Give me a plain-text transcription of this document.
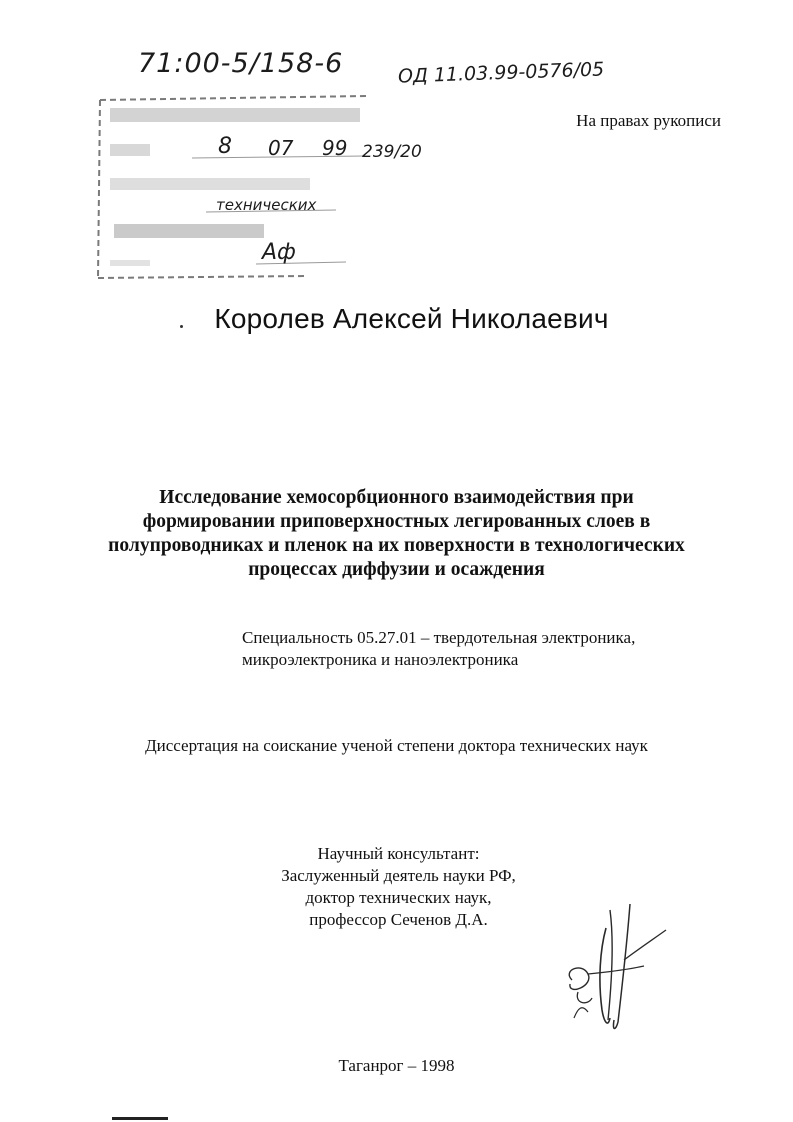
71:00-5/158-6	ОД 11.03.99-0576/05
8 07 99 239/20
технических
Аф
На правах рукописи
Королев Алексей Николаевич
Исследование хемосорбционного взаимодействия при
формировании приповерхностных легированных слоев в
полупроводниках и пленок на их поверхности в технологических
процессах диффузии и осаждения
Специальность 05.27.01 – твердотельная электроника,
микроэлектроника и наноэлектроника
Диссертация на соискание ученой степени доктора технических наук
Научный консультант:
Заслуженный деятель науки РФ,
доктор технических наук,
профессор Сеченов Д.А.
Таганрог – 1998
